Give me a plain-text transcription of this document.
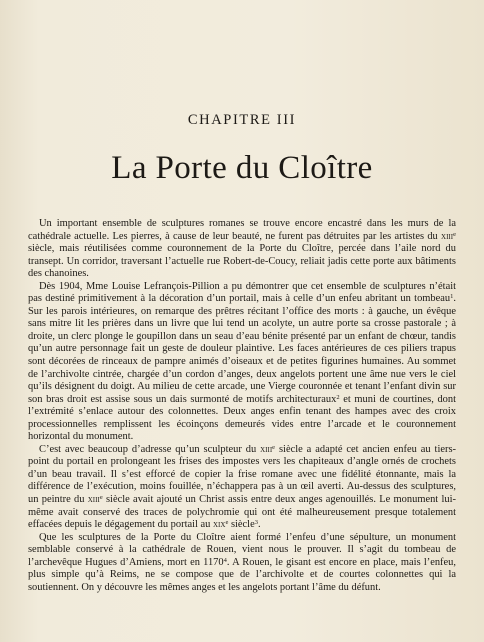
CHAPITRE III
La Porte du Cloître

Un important ensemble de sculptures romanes se trouve encore encastré dans les murs de la cathédrale actuelle. Les pierres, à cause de leur beauté, ne furent pas détruites par les artistes du xiii$^e$ siècle, mais réutilisées comme couronnement de la Porte du Cloître, percée dans l’aile nord du transept. Un corridor, traversant l’actuelle rue Robert-de-Coucy, reliait jadis cette porte aux bâtiments des chanoines.

Dès 1904, Mme Louise Lefrançois-Pillion a pu démontrer que cet ensemble de sculptures n’était pas destiné primitivement à la décoration d’un portail, mais à celle d’un enfeu abritant un tombeau$^1$. Sur les parois intérieures, on remarque des prêtres récitant l’office des morts : à gauche, un évêque sans mitre lit les prières dans un livre que lui tend un acolyte, un autre porte sa crosse pastorale ; à droite, un clerc plonge le goupillon dans un seau d’eau bénite présenté par un enfant de chœur, tandis qu’un autre personnage fait un geste de douleur plaintive. Les faces antérieures de ces piliers trapus sont décorées de rinceaux de pampre animés d’oiseaux et de petites figurines humaines. Au sommet de l’archivolte cintrée, chargée d’un cordon d’anges, deux angelots portent une âme nue vers le ciel qu’ils désignent du doigt. Au milieu de cette arcade, une Vierge couronnée et tenant l’enfant divin sur son bras droit est assise sous un dais surmonté de motifs architecturaux$^2$ et muni de courtines, dont l’extrémité s’enlace autour des colonnettes. Deux anges enfin tenant des hampes avec des croix processionnelles remplissent les écoinçons demeurés vides entre l’arcade et le couronnement horizontal du monument.

C’est avec beaucoup d’adresse qu’un sculpteur du xiii$^e$ siècle a adapté cet ancien enfeu au tiers-point du portail en prolongeant les frises des impostes vers les chapiteaux d’angle ornés de crochets d’un beau travail. Il s’est efforcé de copier la frise romane avec une fidélité étonnante, mais la différence de l’exécution, moins fouillée, n’échappera pas à un œil averti. Au-dessus des sculptures, un peintre du xiii$^e$ siècle avait ajouté un Christ assis entre deux anges agenouillés. Le monument lui-même avait conservé des traces de polychromie qui ont été malheureusement presque totalement effacées depuis le dégagement du portail au xix$^e$ siècle$^3$.

Que les sculptures de la Porte du Cloître aient formé l’enfeu d’une sépulture, un monument semblable conservé à la cathédrale de Rouen, vient nous le prouver. Il s’agit du tombeau de l’archevêque Hugues d’Amiens, mort en 1170$^4$. A Rouen, le gisant est encore en place, mais l’enfeu, plus simple qu’à Reims, ne se compose que de l’archivolte et de courtes colonnettes qui la soutiennent. On y découvre les mêmes anges et les angelots portant l’âme du défunt.
